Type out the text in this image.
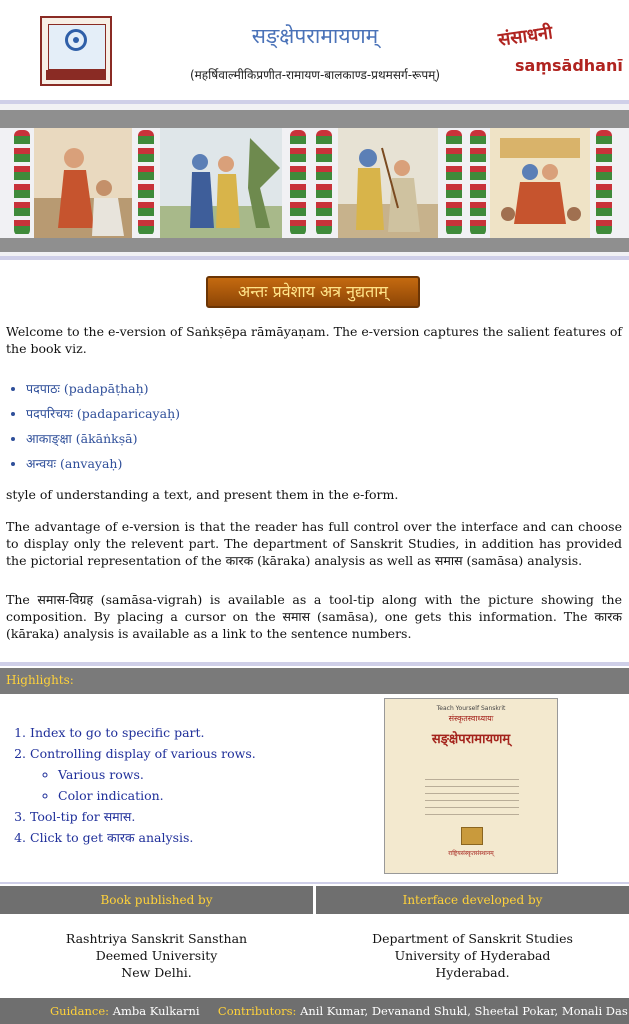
सङ्क्षेपरामायणम्
(महर्षिवाल्मीकिप्रणीत-रामायण-बालकाण्ड-प्रथमसर्ग-रूपम्)
संसाधनी
saṃsādhanī
अन्तः प्रवेशाय अत्र नुद्यताम्

Welcome to the e-version of Saṅkṣēpa rāmāyaṇam. The e-version captures the salient features of the book viz.

• पदपाठः (padapāṭhaḥ)
• पदपरिचयः (padaparicayaḥ)
• आकाङ्क्षा (ākāṅkṣā)
• अन्वयः (anvayaḥ)

style of understanding a text, and present them in the e-form.

The advantage of e-version is that the reader has full control over the interface and can choose to display only the relevent part. The department of Sanskrit Studies, in addition has provided the pictorial representation of the कारक (kāraka) analysis as well as समास (samāsa) analysis.

The समास-विग्रह (samāsa-vigrah) is available as a tool-tip along with the picture showing the composition. By placing a cursor on the समास (samāsa), one gets this information. The कारक (kāraka) analysis is available as a link to the sentence numbers.

Highlights:
1. Index to go to specific part.
2. Controlling display of various rows.
◦ Various rows.
◦ Color indication.
3. Tool-tip for समास.
4. Click to get कारक analysis.
Teach Yourself Sanskrit
संस्कृतस्वाध्यायः
सङ्क्षेपरामायणम्
राष्ट्रियसंस्कृतसंस्थानम्
Book published by	Interface developed by
Rashtriya Sanskrit Sansthan
Deemed University
New Delhi.
Department of Sanskrit Studies
University of Hyderabad
Hyderabad.
Guidance: Amba Kulkarni Contributors: Anil Kumar, Devanand Shukl, Sheetal Pokar, Monali Das
